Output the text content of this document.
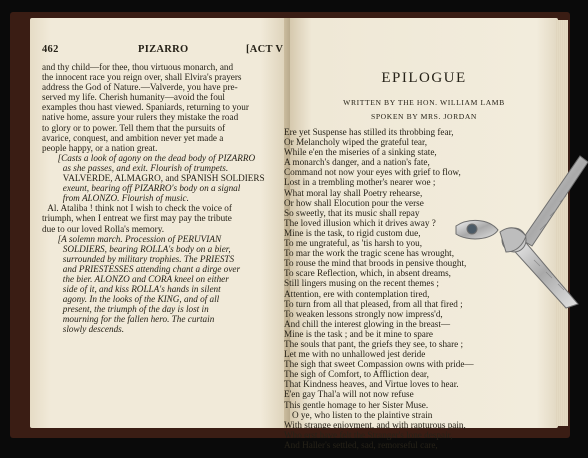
462	PIZARRO	[ACT V
and thy child—for thee, thou virtuous monarch, and
the innocent race you reign over, shall Elvira's prayers
address the God of Nature.—Valverde, you have pre-
served my life. Cherish humanity—avoid the foul
examples thou hast viewed. Spaniards, returning to your
native home, assure your rulers they mistake the road
to glory or to power. Tell them that the pursuits of
avarice, conquest, and ambition never yet made a
people happy, or a nation great.
[Casts a look of agony on the dead body of PIZARRO
as she passes, and exit. Flourish of trumpets.
VALVERDE, ALMAGRO, and SPANISH SOLDIERS
exeunt, bearing off PIZARRO's body on a signal
from ALONZO. Flourish of music.
Al. Ataliba ! think not I wish to check the voice of
triumph, when I entreat we first may pay the tribute
due to our loved Rolla's memory.
[A solemn march. Procession of PERUVIAN
SOLDIERS, bearing ROLLA's body on a bier,
surrounded by military trophies. The PRIESTS
and PRIESTESSES attending chant a dirge over
the bier. ALONZO and CORA kneel on either
side of it, and kiss ROLLA's hands in silent
agony. In the looks of the KING, and of all
present, the triumph of the day is lost in
mourning for the fallen hero. The curtain
slowly descends.
EPILOGUE
WRITTEN BY THE HON. WILLIAM LAMB
SPOKEN BY MRS. JORDAN
Ere yet Suspense has stilled its throbbing fear,
Or Melancholy wiped the grateful tear,
While e'en the miseries of a sinking state,
A monarch's danger, and a nation's fate,
Command not now your eyes with grief to flow,
Lost in a trembling mother's nearer woe ;
What moral lay shall Poetry rehearse,
Or how shall Elocution pour the verse
So sweetly, that its music shall repay
The loved illusion which it drives away ?
Mine is the task, to rigid custom due,
To me ungrateful, as 'tis harsh to you,
To mar the work the tragic scene has wrought,
To rouse the mind that broods in pensive thought,
To scare Reflection, which, in absent dreams,
Still lingers musing on the recent themes ;
Attention, ere with contemplation tired,
To turn from all that pleased, from all that fired ;
To weaken lessons strongly now impress'd,
And chill the interest glowing in the breast—
Mine is the task ; and be it mine to spare
The souls that pant, the griefs they see, to share ;
Let me with no unhallowed jest deride
The sigh that sweet Compassion owns with pride—
The sigh of Comfort, to Affliction dear,
That Kindness heaves, and Virtue loves to hear.
E'en gay Thal'a will not now refuse
This gentle homage to her Sister Muse.
O ye, who listen to the plaintive strain
With strange enjoyment, and with rapturous pain,
Who erst have felt the Stranger's lone despair,
And Haller's settled, sad, remorseful care,
